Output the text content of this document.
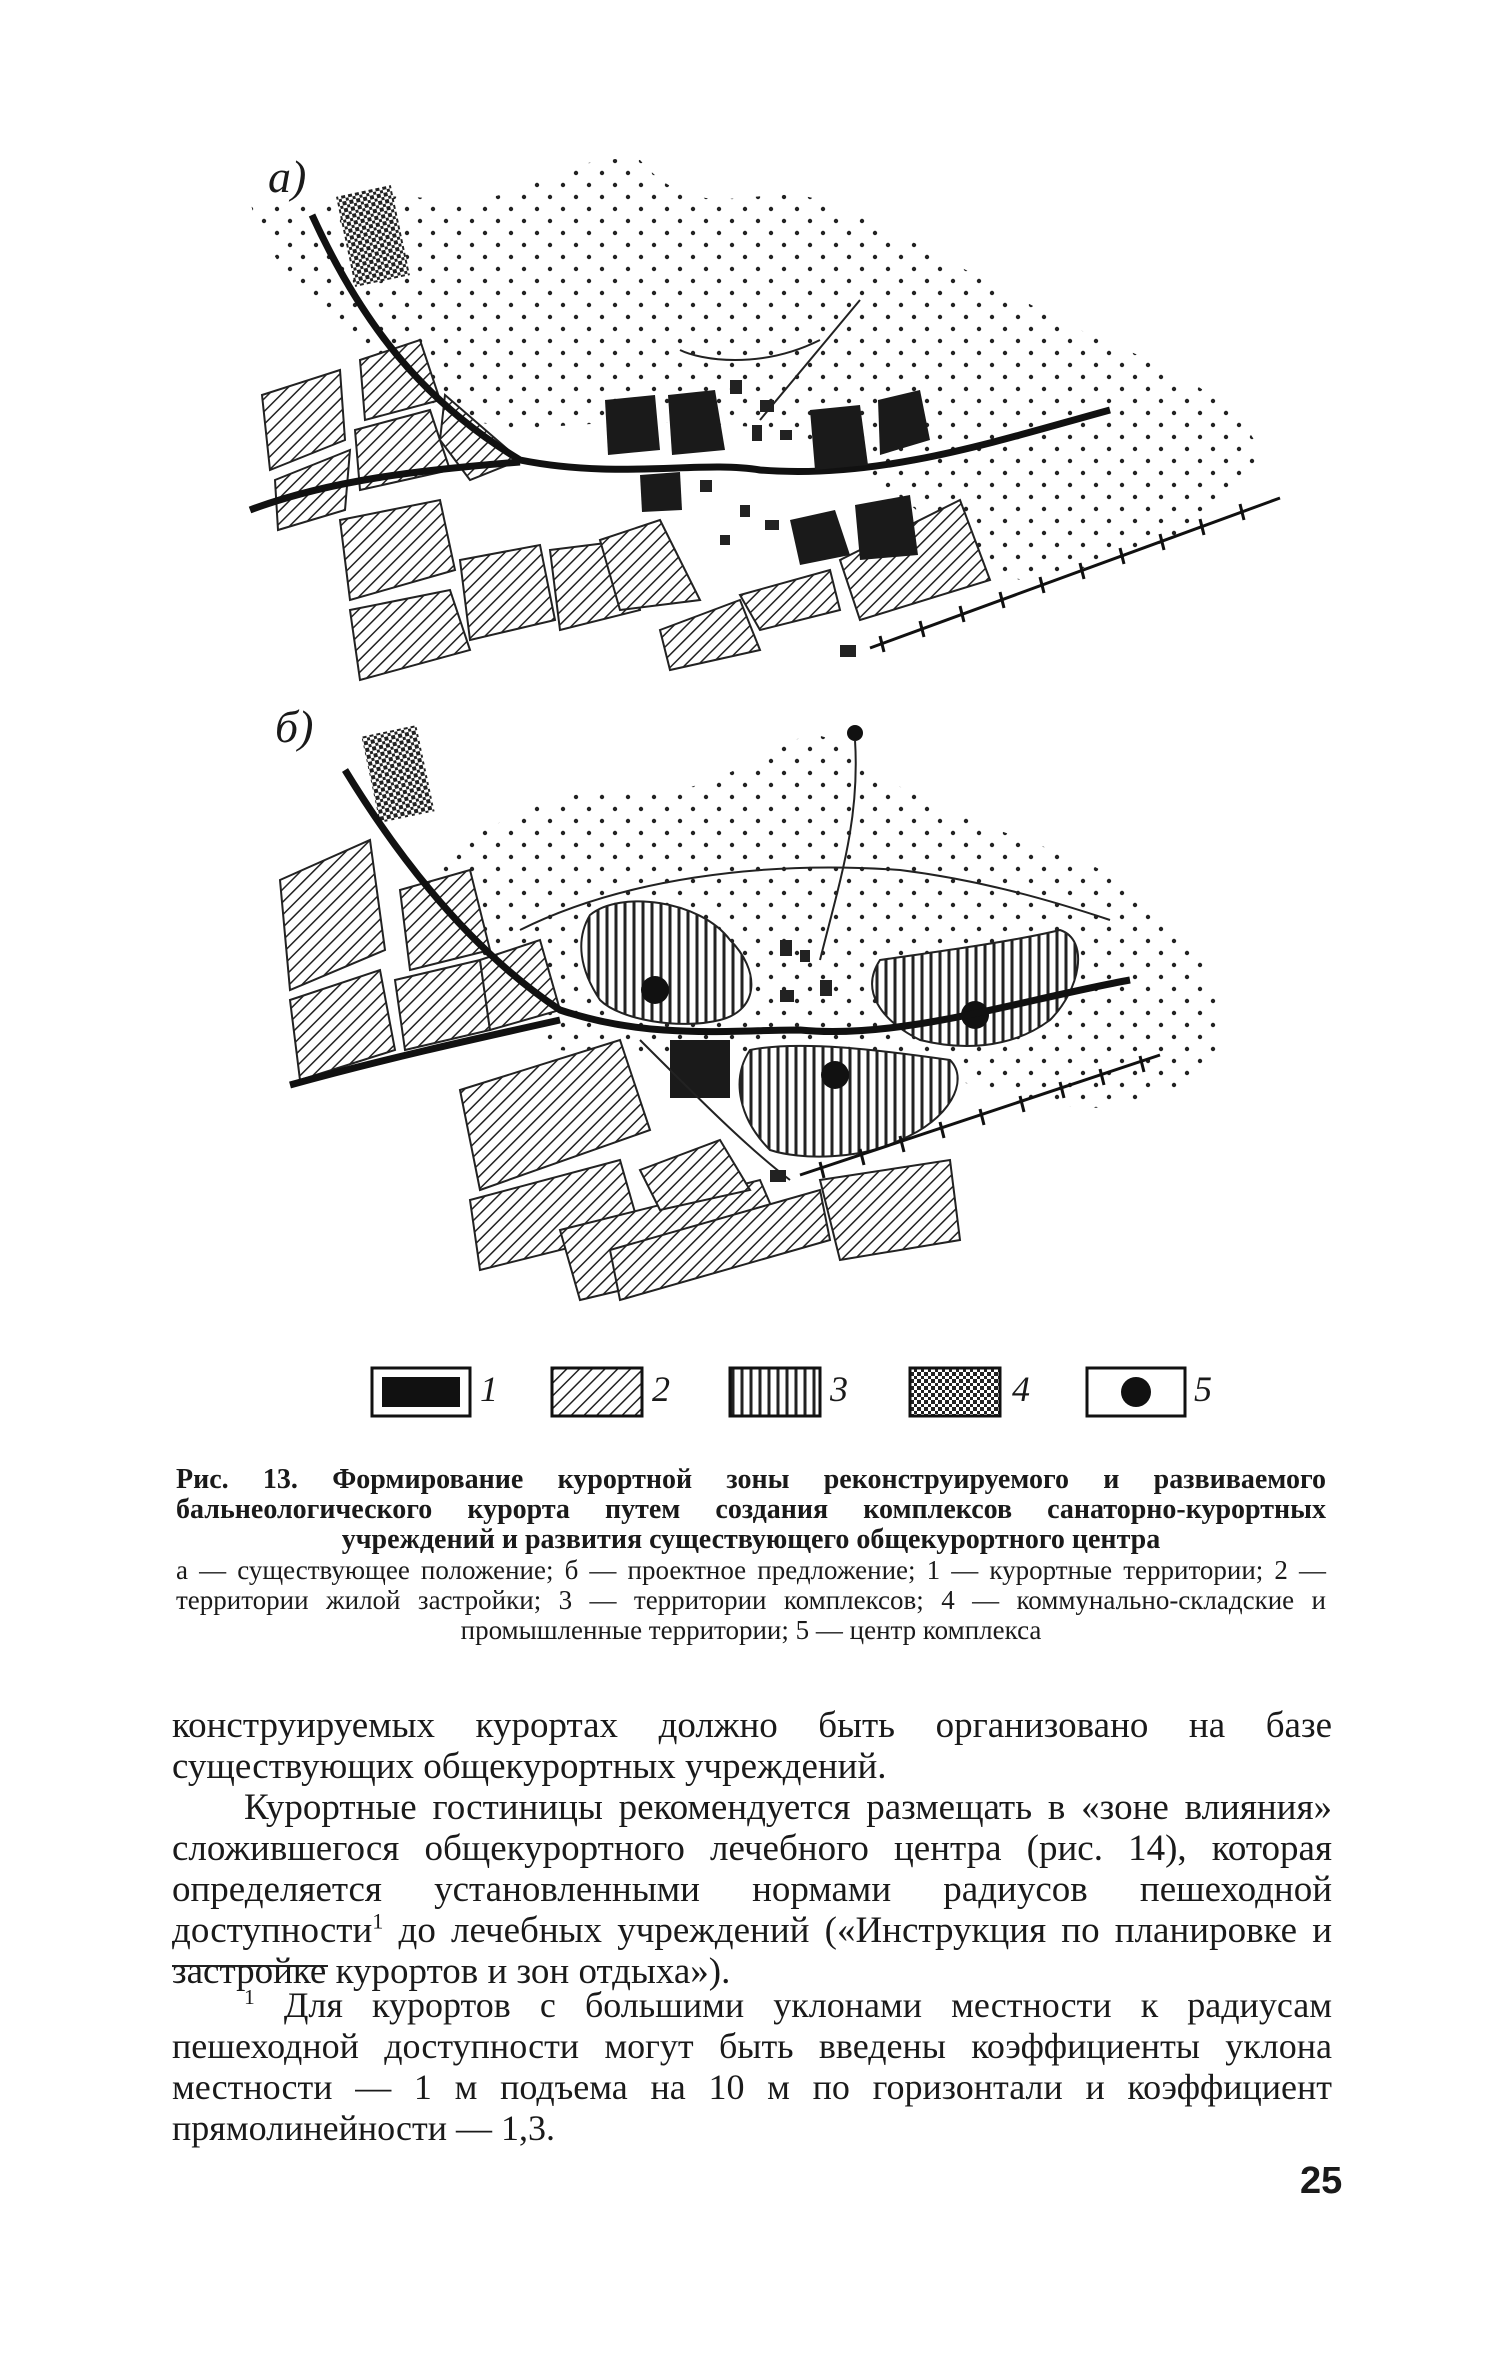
а)
б)
1	2	3	4	5
Рис. 13. Формирование курортной зоны реконструируемого и развиваемого бальнеологического курорта путем создания комплексов санаторно-курортных учреждений и развития существующего общекурортного центра
а — существующее положение; б — проектное предложение; 1 — курортные территории; 2 — территории жилой застройки; 3 — территории комплексов; 4 — коммунально-складские и промышленные территории; 5 — центр комплекса

конструируемых курортах должно быть организовано на базе существующих общекурортных учреждений.

Курортные гостиницы рекомендуется размещать в «зоне влияния» сложившегося общекурортного лечебного центра (рис. 14), которая определяется установленными нормами радиусов пешеходной доступности$^1$ до лечебных учреждений («Инструкция по планировке и застройке курортов и зон отдыха»).

$^1$ Для курортов с большими уклонами местности к радиусам пешеходной доступности могут быть введены коэффициенты уклона местности — 1 м подъема на 10 м по горизонтали и коэффициент прямолинейности — 1,3.
25
